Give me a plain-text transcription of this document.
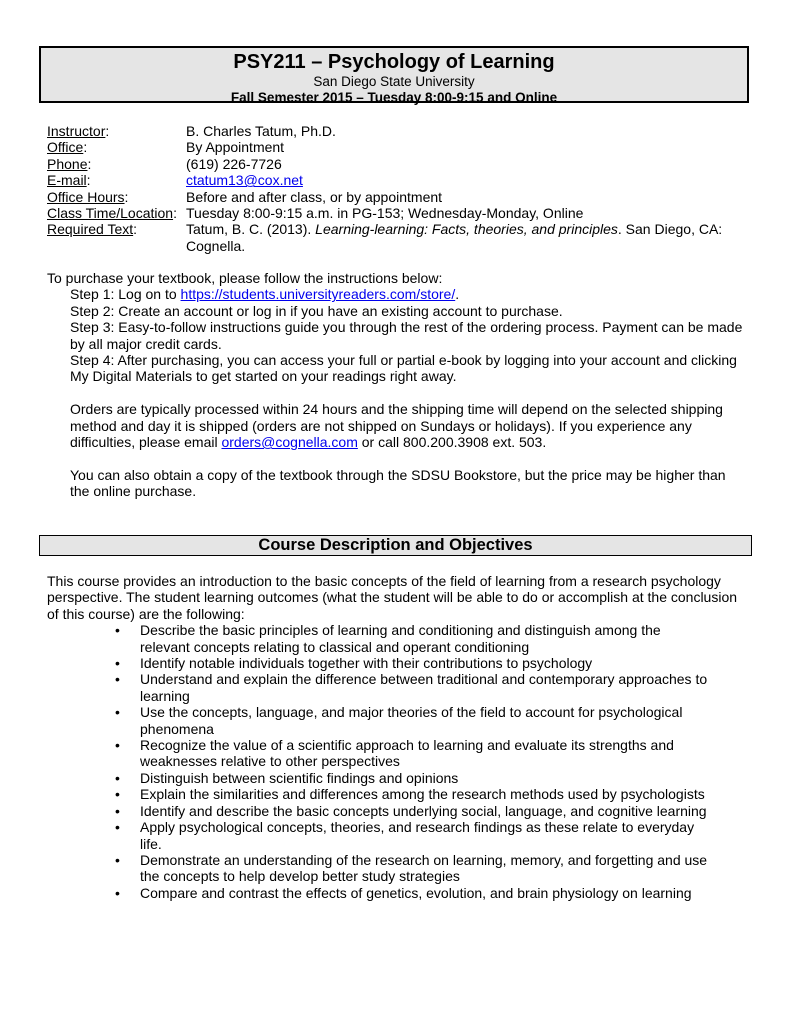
PSY211 – Psychology of Learning
San Diego State University
Fall Semester 2015 – Tuesday 8:00-9:15 and Online
Instructor:	B. Charles Tatum, Ph.D.
Office:	By Appointment
Phone:	(619) 226-7726
E-mail:	ctatum13@cox.net
Office Hours:	Before and after class, or by appointment
Class Time/Location: Tuesday 8:00-9:15 a.m. in PG-153; Wednesday-Monday, Online
Required Text:	Tatum, B. C. (2013). Learning-learning: Facts, theories, and principles. San Diego, CA: Cognella.
To purchase your textbook, please follow the instructions below:
Step 1: Log on to https://students.universityreaders.com/store/.
Step 2: Create an account or log in if you have an existing account to purchase.
Step 3: Easy-to-follow instructions guide you through the rest of the ordering process. Payment can be made by all major credit cards.
Step 4: After purchasing, you can access your full or partial e-book by logging into your account and clicking My Digital Materials to get started on your readings right away.
Orders are typically processed within 24 hours and the shipping time will depend on the selected shipping method and day it is shipped (orders are not shipped on Sundays or holidays). If you experience any difficulties, please email orders@cognella.com or call 800.200.3908 ext. 503.
You can also obtain a copy of the textbook through the SDSU Bookstore, but the price may be higher than the online purchase.
Course Description and Objectives
This course provides an introduction to the basic concepts of the field of learning from a research psychology perspective. The student learning outcomes (what the student will be able to do or accomplish at the conclusion of this course) are the following:
• Describe the basic principles of learning and conditioning and distinguish among the relevant concepts relating to classical and operant conditioning
• Identify notable individuals together with their contributions to psychology
• Understand and explain the difference between traditional and contemporary approaches to learning
• Use the concepts, language, and major theories of the field to account for psychological phenomena
• Recognize the value of a scientific approach to learning and evaluate its strengths and weaknesses relative to other perspectives
• Distinguish between scientific findings and opinions
• Explain the similarities and differences among the research methods used by psychologists
• Identify and describe the basic concepts underlying social, language, and cognitive learning
• Apply psychological concepts, theories, and research findings as these relate to everyday life.
• Demonstrate an understanding of the research on learning, memory, and forgetting and use the concepts to help develop better study strategies
• Compare and contrast the effects of genetics, evolution, and brain physiology on learning
